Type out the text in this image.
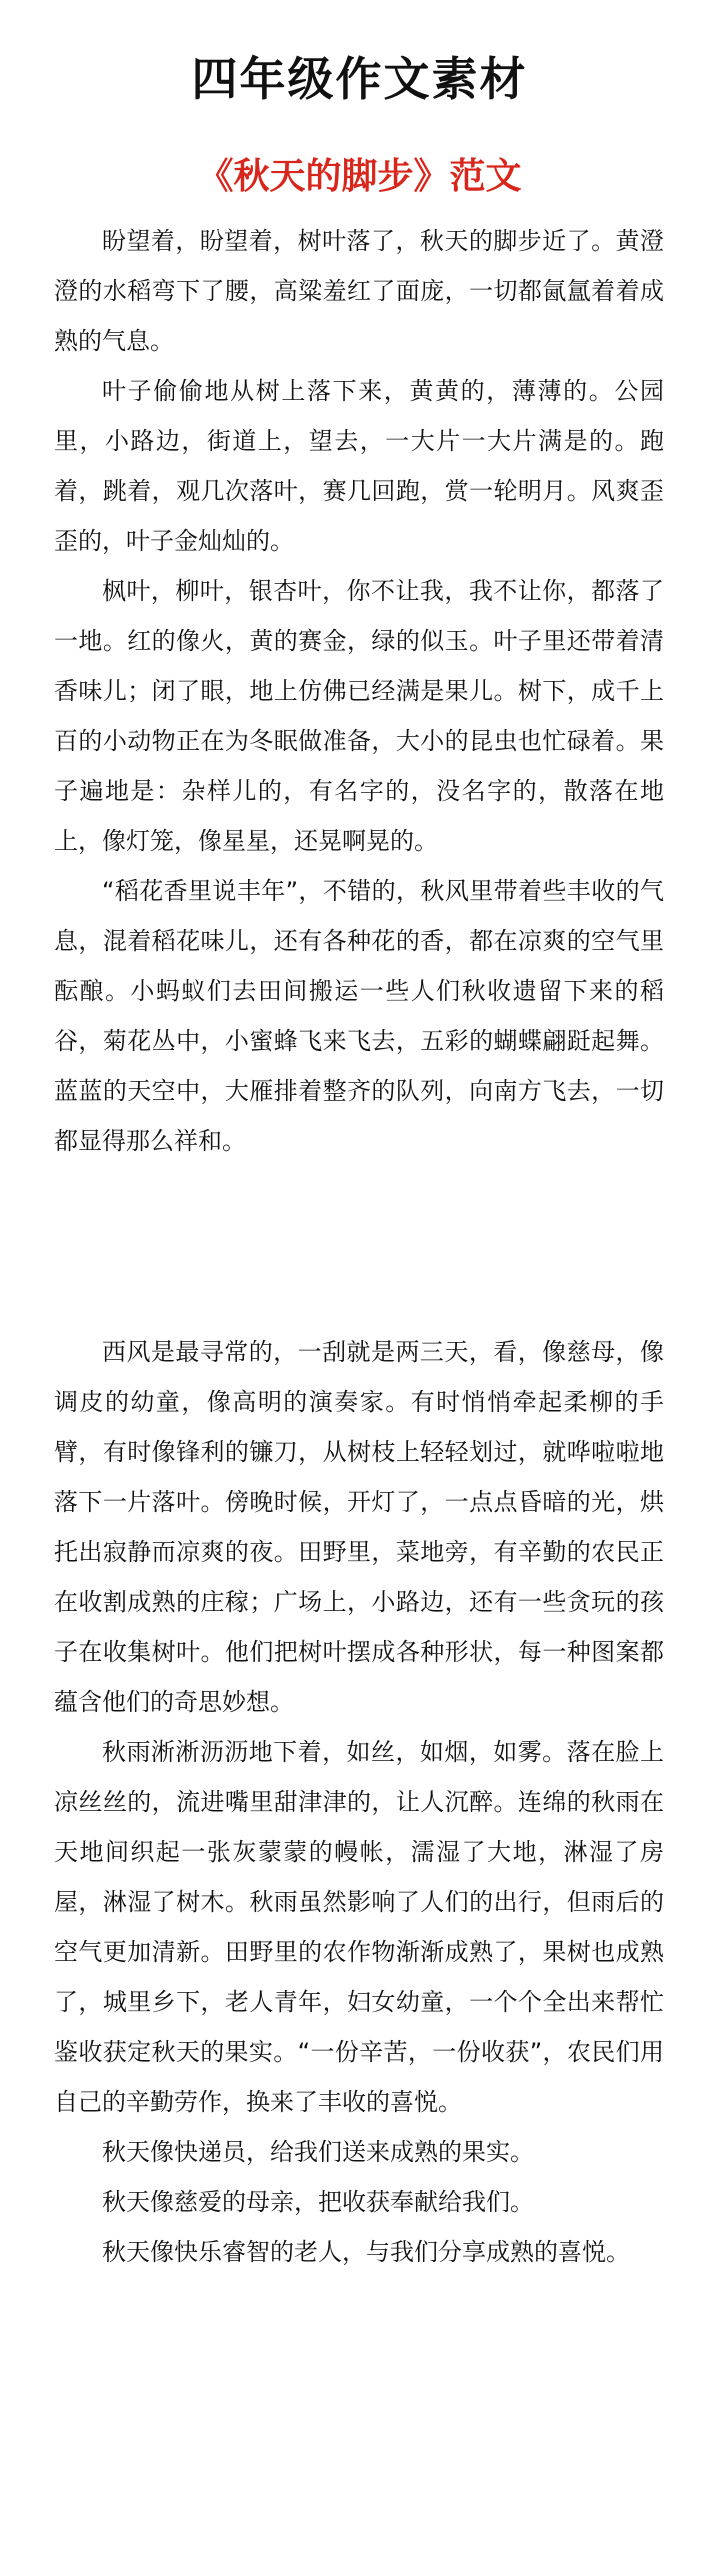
四年级作文素材
《秋天的脚步》范文

盼望着，盼望着，树叶落了，秋天的脚步近了。黄澄澄的水稻弯下了腰，高粱羞红了面庞，一切都氤氲着着成熟的气息。

叶子偷偷地从树上落下来，黄黄的，薄薄的。公园里，小路边，街道上，望去，一大片一大片满是的。跑着，跳着，观几次落叶，赛几回跑，赏一轮明月。风爽歪歪的，叶子金灿灿的。

枫叶，柳叶，银杏叶，你不让我，我不让你，都落了一地。红的像火，黄的赛金，绿的似玉。叶子里还带着清香味儿；闭了眼，地上仿佛已经满是果儿。树下，成千上百的小动物正在为冬眠做准备，大小的昆虫也忙碌着。果子遍地是：杂样儿的，有名字的，没名字的，散落在地上，像灯笼，像星星，还晃啊晃的。

“稻花香里说丰年”，不错的，秋风里带着些丰收的气息，混着稻花味儿，还有各种花的香，都在凉爽的空气里酝酿。小蚂蚁们去田间搬运一些人们秋收遗留下来的稻谷，菊花丛中，小蜜蜂飞来飞去，五彩的蝴蝶翩跹起舞。蓝蓝的天空中，大雁排着整齐的队列，向南方飞去，一切都显得那么祥和。

西风是最寻常的，一刮就是两三天，看，像慈母，像调皮的幼童，像高明的演奏家。有时悄悄牵起柔柳的手臂，有时像锋利的镰刀，从树枝上轻轻划过，就哗啦啦地落下一片落叶。傍晚时候，开灯了，一点点昏暗的光，烘托出寂静而凉爽的夜。田野里，菜地旁，有辛勤的农民正在收割成熟的庄稼；广场上，小路边，还有一些贪玩的孩子在收集树叶。他们把树叶摆成各种形状，每一种图案都蕴含他们的奇思妙想。

秋雨淅淅沥沥地下着，如丝，如烟，如雾。落在脸上凉丝丝的，流进嘴里甜津津的，让人沉醉。连绵的秋雨在天地间织起一张灰蒙蒙的幔帐，濡湿了大地，淋湿了房屋，淋湿了树木。秋雨虽然影响了人们的出行，但雨后的空气更加清新。田野里的农作物渐渐成熟了，果树也成熟了，城里乡下，老人青年，妇女幼童，一个个全出来帮忙鉴收获定秋天的果实。“一份辛苦，一份收获”，农民们用自己的辛勤劳作，换来了丰收的喜悦。

秋天像快递员，给我们送来成熟的果实。

秋天像慈爱的母亲，把收获奉献给我们。

秋天像快乐睿智的老人，与我们分享成熟的喜悦。
